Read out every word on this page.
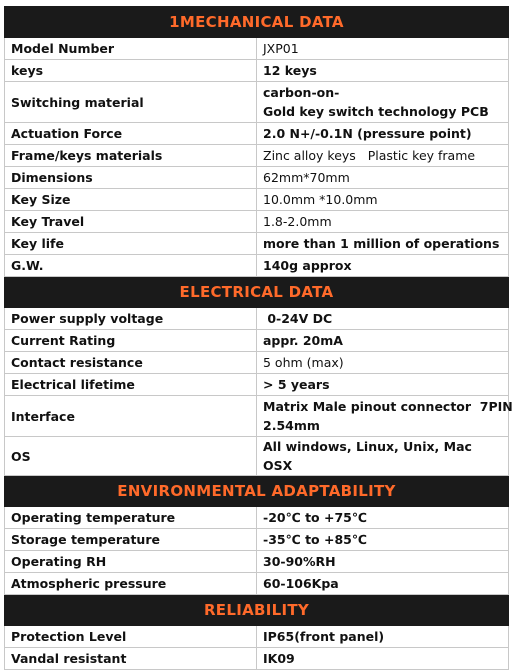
1MECHANICAL DATA	
Model Number	JXP01
keys	12 keys
Switching material	carbon-on-
Gold key switch technology PCB

Actuation Force	2.0 N+/-0.1N (pressure point)
Frame/keys materials	Zinc alloy keys   Plastic key frame
Dimensions	62mm*70mm
Key Size	10.0mm *10.0mm
Key Travel	1.8-2.0mm
Key life	more than 1 million of operations
G.W.	140g approx
ELECTRICAL DATA	
Power supply voltage	0-24V DC
Current Rating	appr. 20mA
Contact resistance	5 ohm (max)
Electrical lifetime	> 5 years
Interface	Matrix Male pinout connector  7PIN
2.54mm

OS	All windows, Linux, Unix, Mac OSX
ENVIRONMENTAL ADAPTABILITY	
Operating temperature	-20℃ to +75℃
Storage temperature	-35℃ to +85℃
Operating RH	30-90%RH
Atmospheric pressure	60-106Kpa
RELIABILITY	
Protection Level	IP65(front panel)
Vandal resistant	IK09
